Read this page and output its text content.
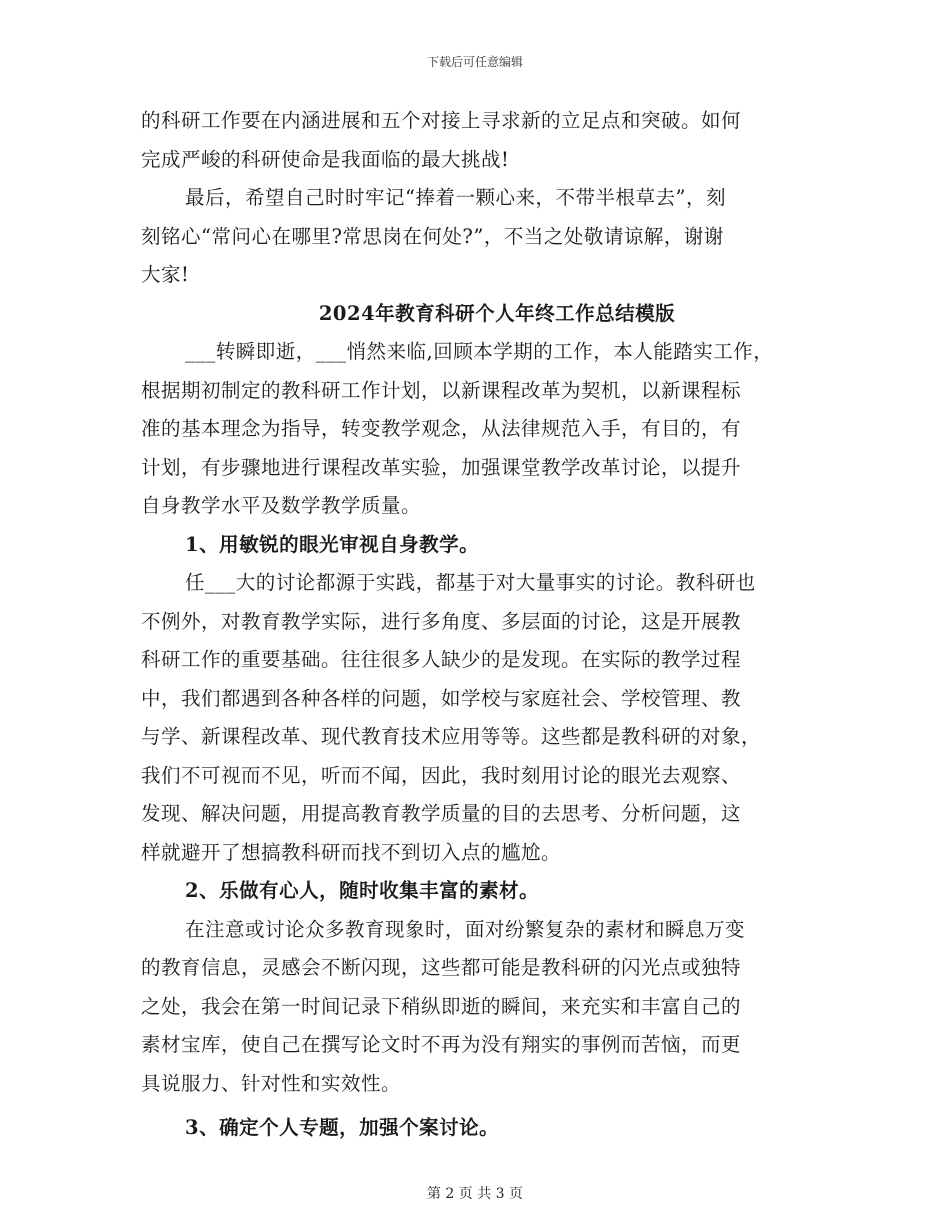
下载后可任意编辑
的科研工作要在内涵进展和五个对接上寻求新的立足点和突破。如何
完成严峻的科研使命是我面临的最大挑战!
最后，希望自己时时牢记“捧着一颗心来，不带半根草去”，刻
刻铭心“常问心在哪里?常思岗在何处?”，不当之处敬请谅解，谢谢
大家!
2024年教育科研个人年终工作总结模版
___转瞬即逝，___悄然来临,回顾本学期的工作，本人能踏实工作，
根据期初制定的教科研工作计划，以新课程改革为契机，以新课程标
准的基本理念为指导，转变教学观念，从法律规范入手，有目的，有
计划，有步骤地进行课程改革实验，加强课堂教学改革讨论，以提升
自身教学水平及数学教学质量。
1、用敏锐的眼光审视自身教学。
任___大的讨论都源于实践，都基于对大量事实的讨论。教科研也
不例外，对教育教学实际，进行多角度、多层面的讨论，这是开展教
科研工作的重要基础。往往很多人缺少的是发现。在实际的教学过程
中，我们都遇到各种各样的问题，如学校与家庭社会、学校管理、教
与学、新课程改革、现代教育技术应用等等。这些都是教科研的对象，
我们不可视而不见，听而不闻，因此，我时刻用讨论的眼光去观察、
发现、解决问题，用提高教育教学质量的目的去思考、分析问题，这
样就避开了想搞教科研而找不到切入点的尴尬。
2、乐做有心人，随时收集丰富的素材。
在注意或讨论众多教育现象时，面对纷繁复杂的素材和瞬息万变
的教育信息，灵感会不断闪现，这些都可能是教科研的闪光点或独特
之处，我会在第一时间记录下稍纵即逝的瞬间，来充实和丰富自己的
素材宝库，使自己在撰写论文时不再为没有翔实的事例而苦恼，而更
具说服力、针对性和实效性。
3、确定个人专题，加强个案讨论。
第 2 页 共 3 页
